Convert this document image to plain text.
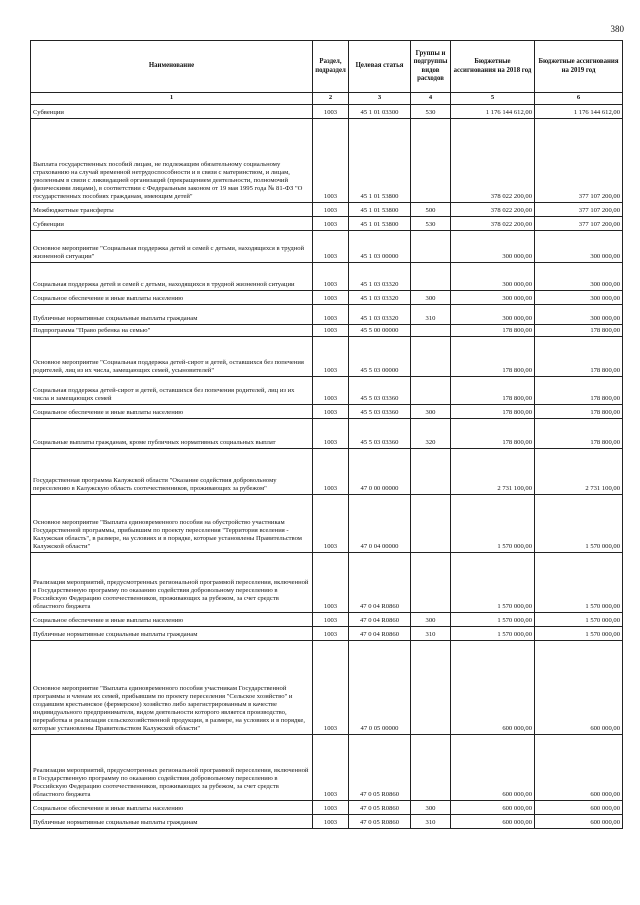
380
Наименование	Раздел, подраздел	Целевая статья	Группы и подгруппы видов расходов	Бюджетные ассигнования на 2018 год	Бюджетные ассигнования на 2019 год
1	2	3	4	5	6
Субвенции	1003	45 1 01 03300	530	1 176 144 612,00	1 176 144 612,00
Выплата государственных пособий лицам, не подлежащим обязательному социальному страхованию на случай временной нетрудоспособности и в связи с материнством, и лицам, уволенным в связи с ликвидацией организаций (прекращением деятельности, полномочий физическими лицами), в соответствии с Федеральным законом от 19 мая 1995 года № 81-ФЗ "О государственных пособиях гражданам, имеющим детей"	1003	45 1 01 53800		378 022 200,00	377 107 200,00
Межбюджетные трансферты	1003	45 1 01 53800	500	378 022 200,00	377 107 200,00
Субвенции	1003	45 1 01 53800	530	378 022 200,00	377 107 200,00
Основное мероприятие "Социальная поддержка детей и семей с детьми, находящихся в трудной жизненной ситуации"	1003	45 1 03 00000		300 000,00	300 000,00
Социальная поддержка детей и семей с детьми, находящихся в трудной жизненной ситуации	1003	45 1 03 03320		300 000,00	300 000,00
Социальное обеспечение и иные выплаты населению	1003	45 1 03 03320	300	300 000,00	300 000,00
Публичные нормативные социальные выплаты гражданам	1003	45 1 03 03320	310	300 000,00	300 000,00
Подпрограмма "Право ребенка на семью"	1003	45 5 00 00000		178 800,00	178 800,00
Основное мероприятие "Социальная поддержка детей-сирот и детей, оставшихся без попечения родителей, лиц из их числа, замещающих семей, усыновителей"	1003	45 5 03 00000		178 800,00	178 800,00
Социальная поддержка детей-сирот и детей, оставшихся без попечения родителей, лиц из их числа и замещающих семей	1003	45 5 03 03360		178 800,00	178 800,00
Социальное обеспечение и иные выплаты населению	1003	45 5 03 03360	300	178 800,00	178 800,00
Социальные выплаты гражданам, кроме публичных нормативных социальных выплат	1003	45 5 03 03360	320	178 800,00	178 800,00
Государственная программа Калужской области "Оказание содействия добровольному переселению в Калужскую область соотечественников, проживающих за рубежом"	1003	47 0 00 00000		2 731 100,00	2 731 100,00
Основное мероприятие "Выплата единовременного пособия на обустройство участникам Государственной программы, прибывшим по проекту переселения "Территория вселения - Калужская область", в размере, на условиях и в порядке, которые установлены Правительством Калужской области"	1003	47 0 04 00000		1 570 000,00	1 570 000,00
Реализация мероприятий, предусмотренных региональной программой переселения, включенной в Государственную программу по оказанию содействия добровольному переселению в Российскую Федерацию соотечественников, проживающих за рубежом, за счет средств областного бюджета	1003	47 0 04 R0860		1 570 000,00	1 570 000,00
Социальное обеспечение и иные выплаты населению	1003	47 0 04 R0860	300	1 570 000,00	1 570 000,00
Публичные нормативные социальные выплаты гражданам	1003	47 0 04 R0860	310	1 570 000,00	1 570 000,00
Основное мероприятие "Выплата единовременного пособия участникам Государственной программы и членам их семей, прибывшим по проекту переселения "Сельское хозяйство" и создавшим крестьянское (фермерское) хозяйство либо зарегистрированным в качестве индивидуального предпринимателя, видом деятельности которого является производство, переработка и реализация сельскохозяйственной продукции, в размере, на условиях и в порядке, которые установлены Правительством Калужской области"	1003	47 0 05 00000		600 000,00	600 000,00
Реализация мероприятий, предусмотренных региональной программой переселения, включенной в Государственную программу по оказанию содействия добровольному переселению в Российскую Федерацию соотечественников, проживающих за рубежом, за счет средств областного бюджета	1003	47 0 05 R0860		600 000,00	600 000,00
Социальное обеспечение и иные выплаты населению	1003	47 0 05 R0860	300	600 000,00	600 000,00
Публичные нормативные социальные выплаты гражданам	1003	47 0 05 R0860	310	600 000,00	600 000,00
